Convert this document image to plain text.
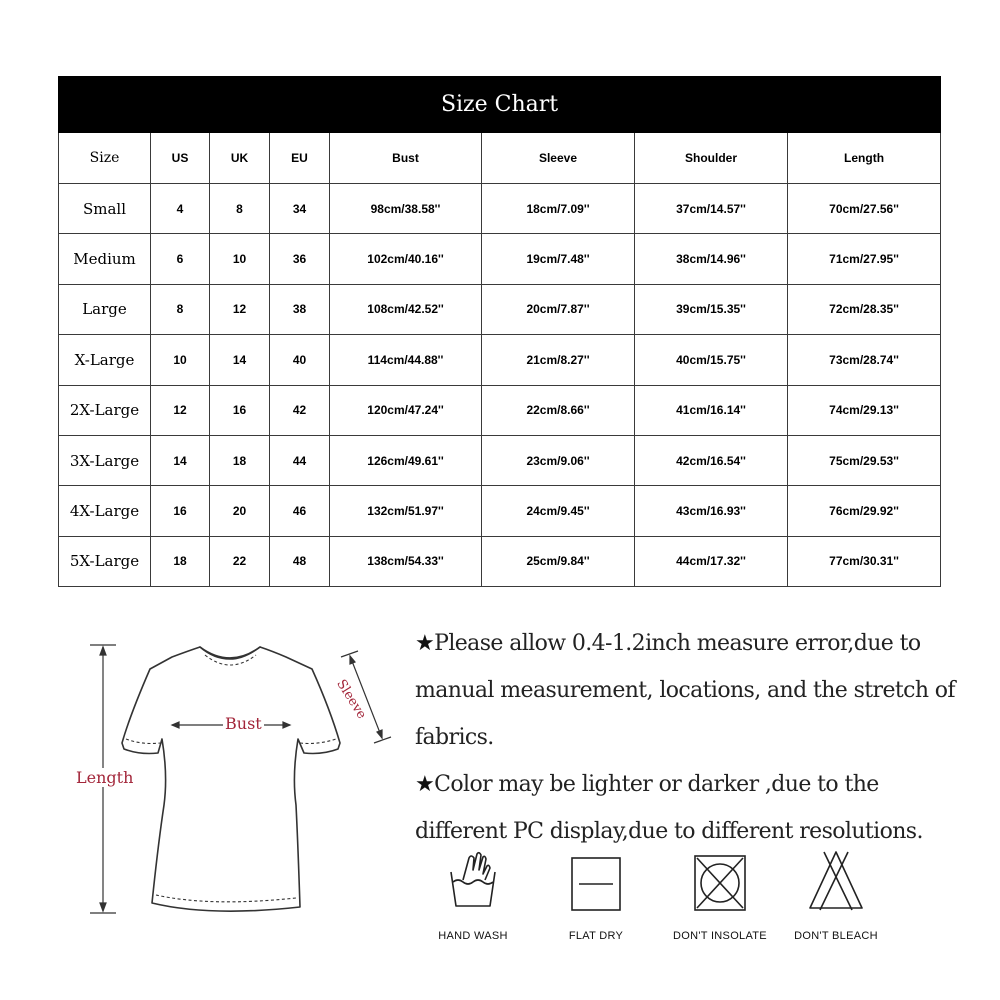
Size Chart							
Size	US	UK	EU	Bust	Sleeve	Shoulder	Length
Small	4	8	34	98cm/38.58''	18cm/7.09''	37cm/14.57''	70cm/27.56''
Medium	6	10	36	102cm/40.16''	19cm/7.48''	38cm/14.96''	71cm/27.95''
Large	8	12	38	108cm/42.52''	20cm/7.87''	39cm/15.35''	72cm/28.35''
X-Large	10	14	40	114cm/44.88''	21cm/8.27''	40cm/15.75''	73cm/28.74''
2X-Large	12	16	42	120cm/47.24''	22cm/8.66''	41cm/16.14''	74cm/29.13''
3X-Large	14	18	44	126cm/49.61''	23cm/9.06''	42cm/16.54''	75cm/29.53''
4X-Large	16	20	46	132cm/51.97''	24cm/9.45''	43cm/16.93''	76cm/29.92''
5X-Large	18	22	48	138cm/54.33''	25cm/9.84''	44cm/17.32''	77cm/30.31''
Bust
Length
Sleeve

★Please allow 0.4-1.2inch measure error,due to manual measurement, locations, and the stretch of fabrics.

★Color may be lighter or darker ,due to the different PC display,due to different resolutions.

HAND WASH	FLAT DRY	DON'T INSOLATE	DON'T BLEACH
